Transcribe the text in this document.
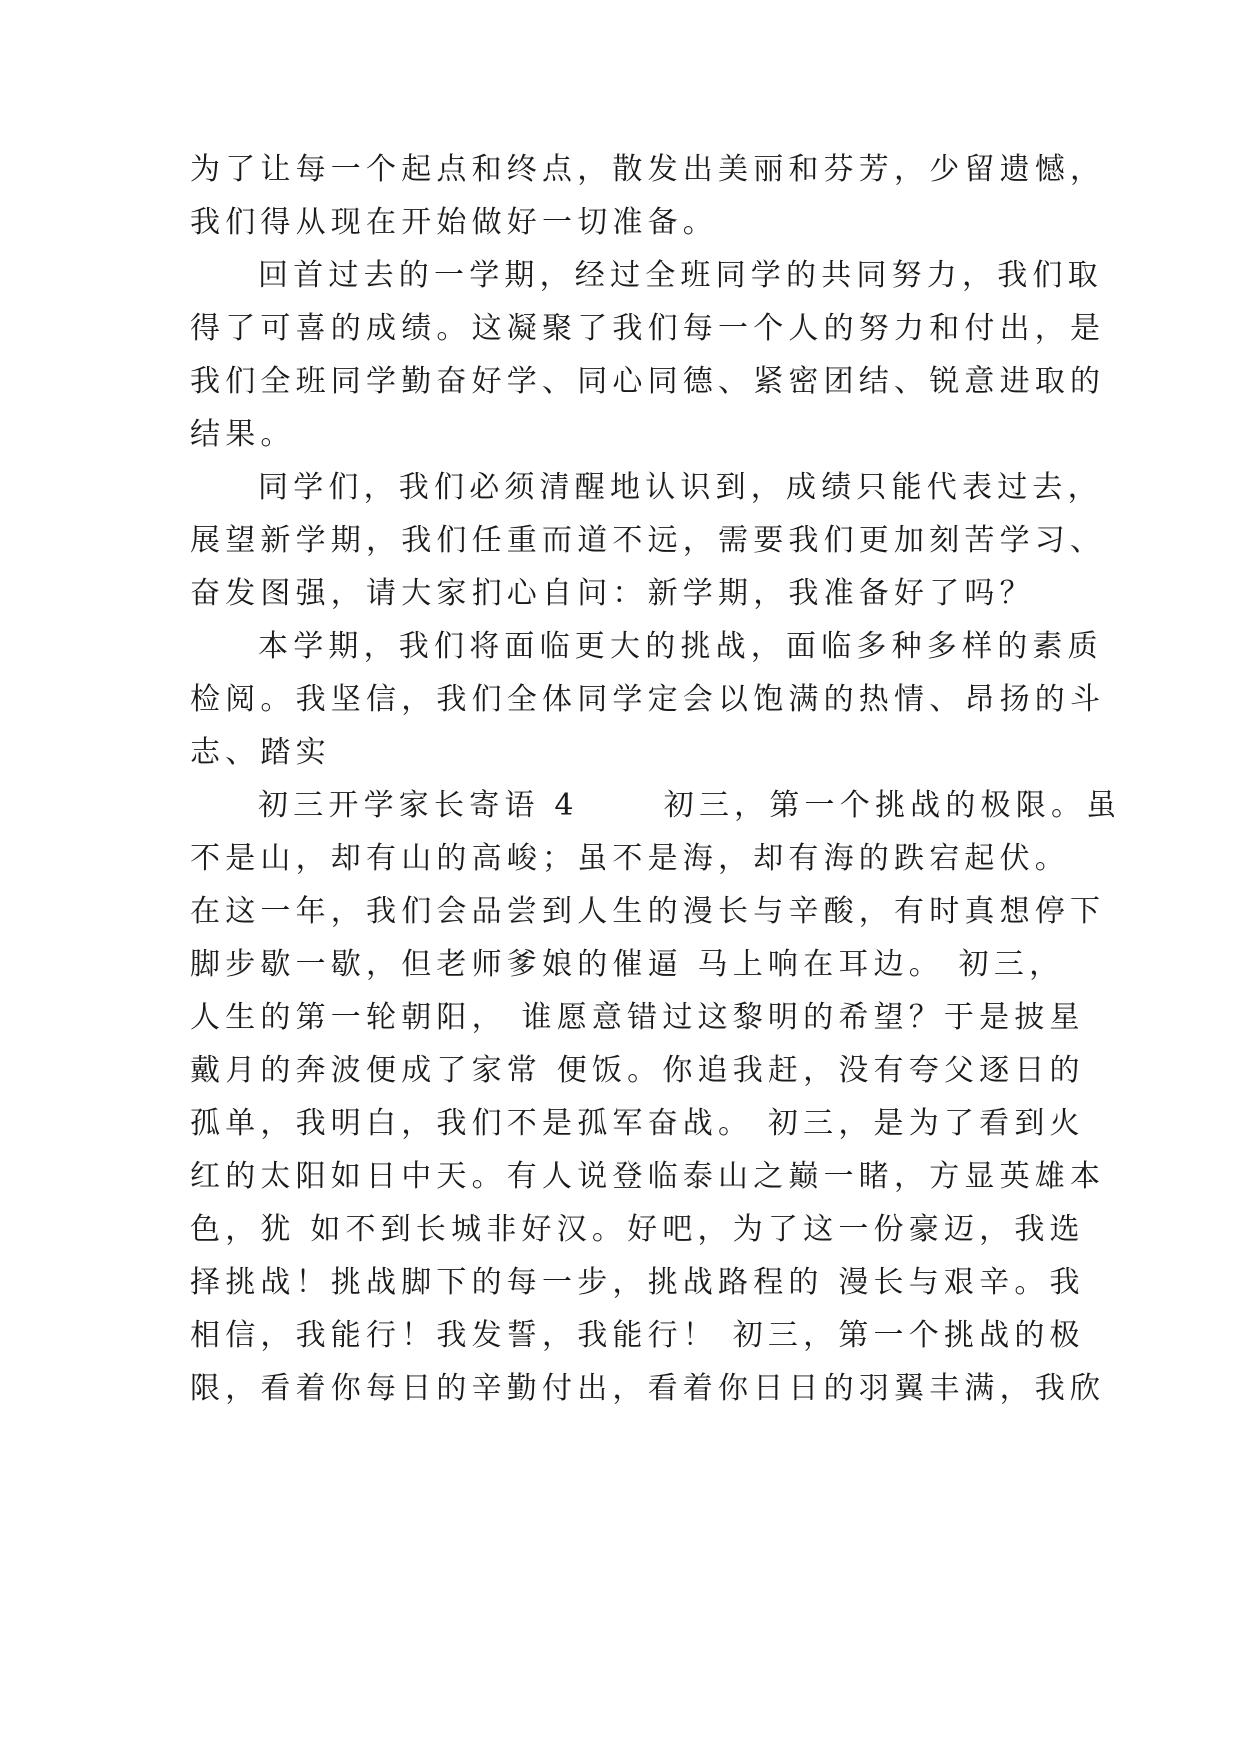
为了让每一个起点和终点，散发出美丽和芬芳，少留遗憾，
我们得从现在开始做好一切准备。
回首过去的一学期，经过全班同学的共同努力，我们取
得了可喜的成绩。这凝聚了我们每一个人的努力和付出，是
我们全班同学勤奋好学、同心同德、紧密团结、锐意进取的
结果。
同学们，我们必须清醒地认识到，成绩只能代表过去，
展望新学期，我们任重而道不远，需要我们更加刻苦学习、
奋发图强，请大家扪心自问：新学期，我准备好了吗？
本学期，我们将面临更大的挑战，面临多种多样的素质
检阅。我坚信，我们全体同学定会以饱满的热情、昂扬的斗
志、踏实
初三开学家长寄语 4　　 初三，第一个挑战的极限。虽
不是山，却有山的高峻；虽不是海，却有海的跌宕起伏。
在这一年，我们会品尝到人生的漫长与辛酸，有时真想停下
脚步歇一歇，但老师爹娘的催逼 马上响在耳边。 初三，
人生的第一轮朝阳， 谁愿意错过这黎明的希望？于是披星
戴月的奔波便成了家常 便饭。你追我赶，没有夸父逐日的
孤单，我明白，我们不是孤军奋战。 初三，是为了看到火
红的太阳如日中天。有人说登临泰山之巅一睹，方显英雄本
色，犹 如不到长城非好汉。好吧，为了这一份豪迈，我选
择挑战！挑战脚下的每一步，挑战路程的 漫长与艰辛。我
相信，我能行！我发誓，我能行！ 初三，第一个挑战的极
限，看着你每日的辛勤付出，看着你日日的羽翼丰满，我欣
